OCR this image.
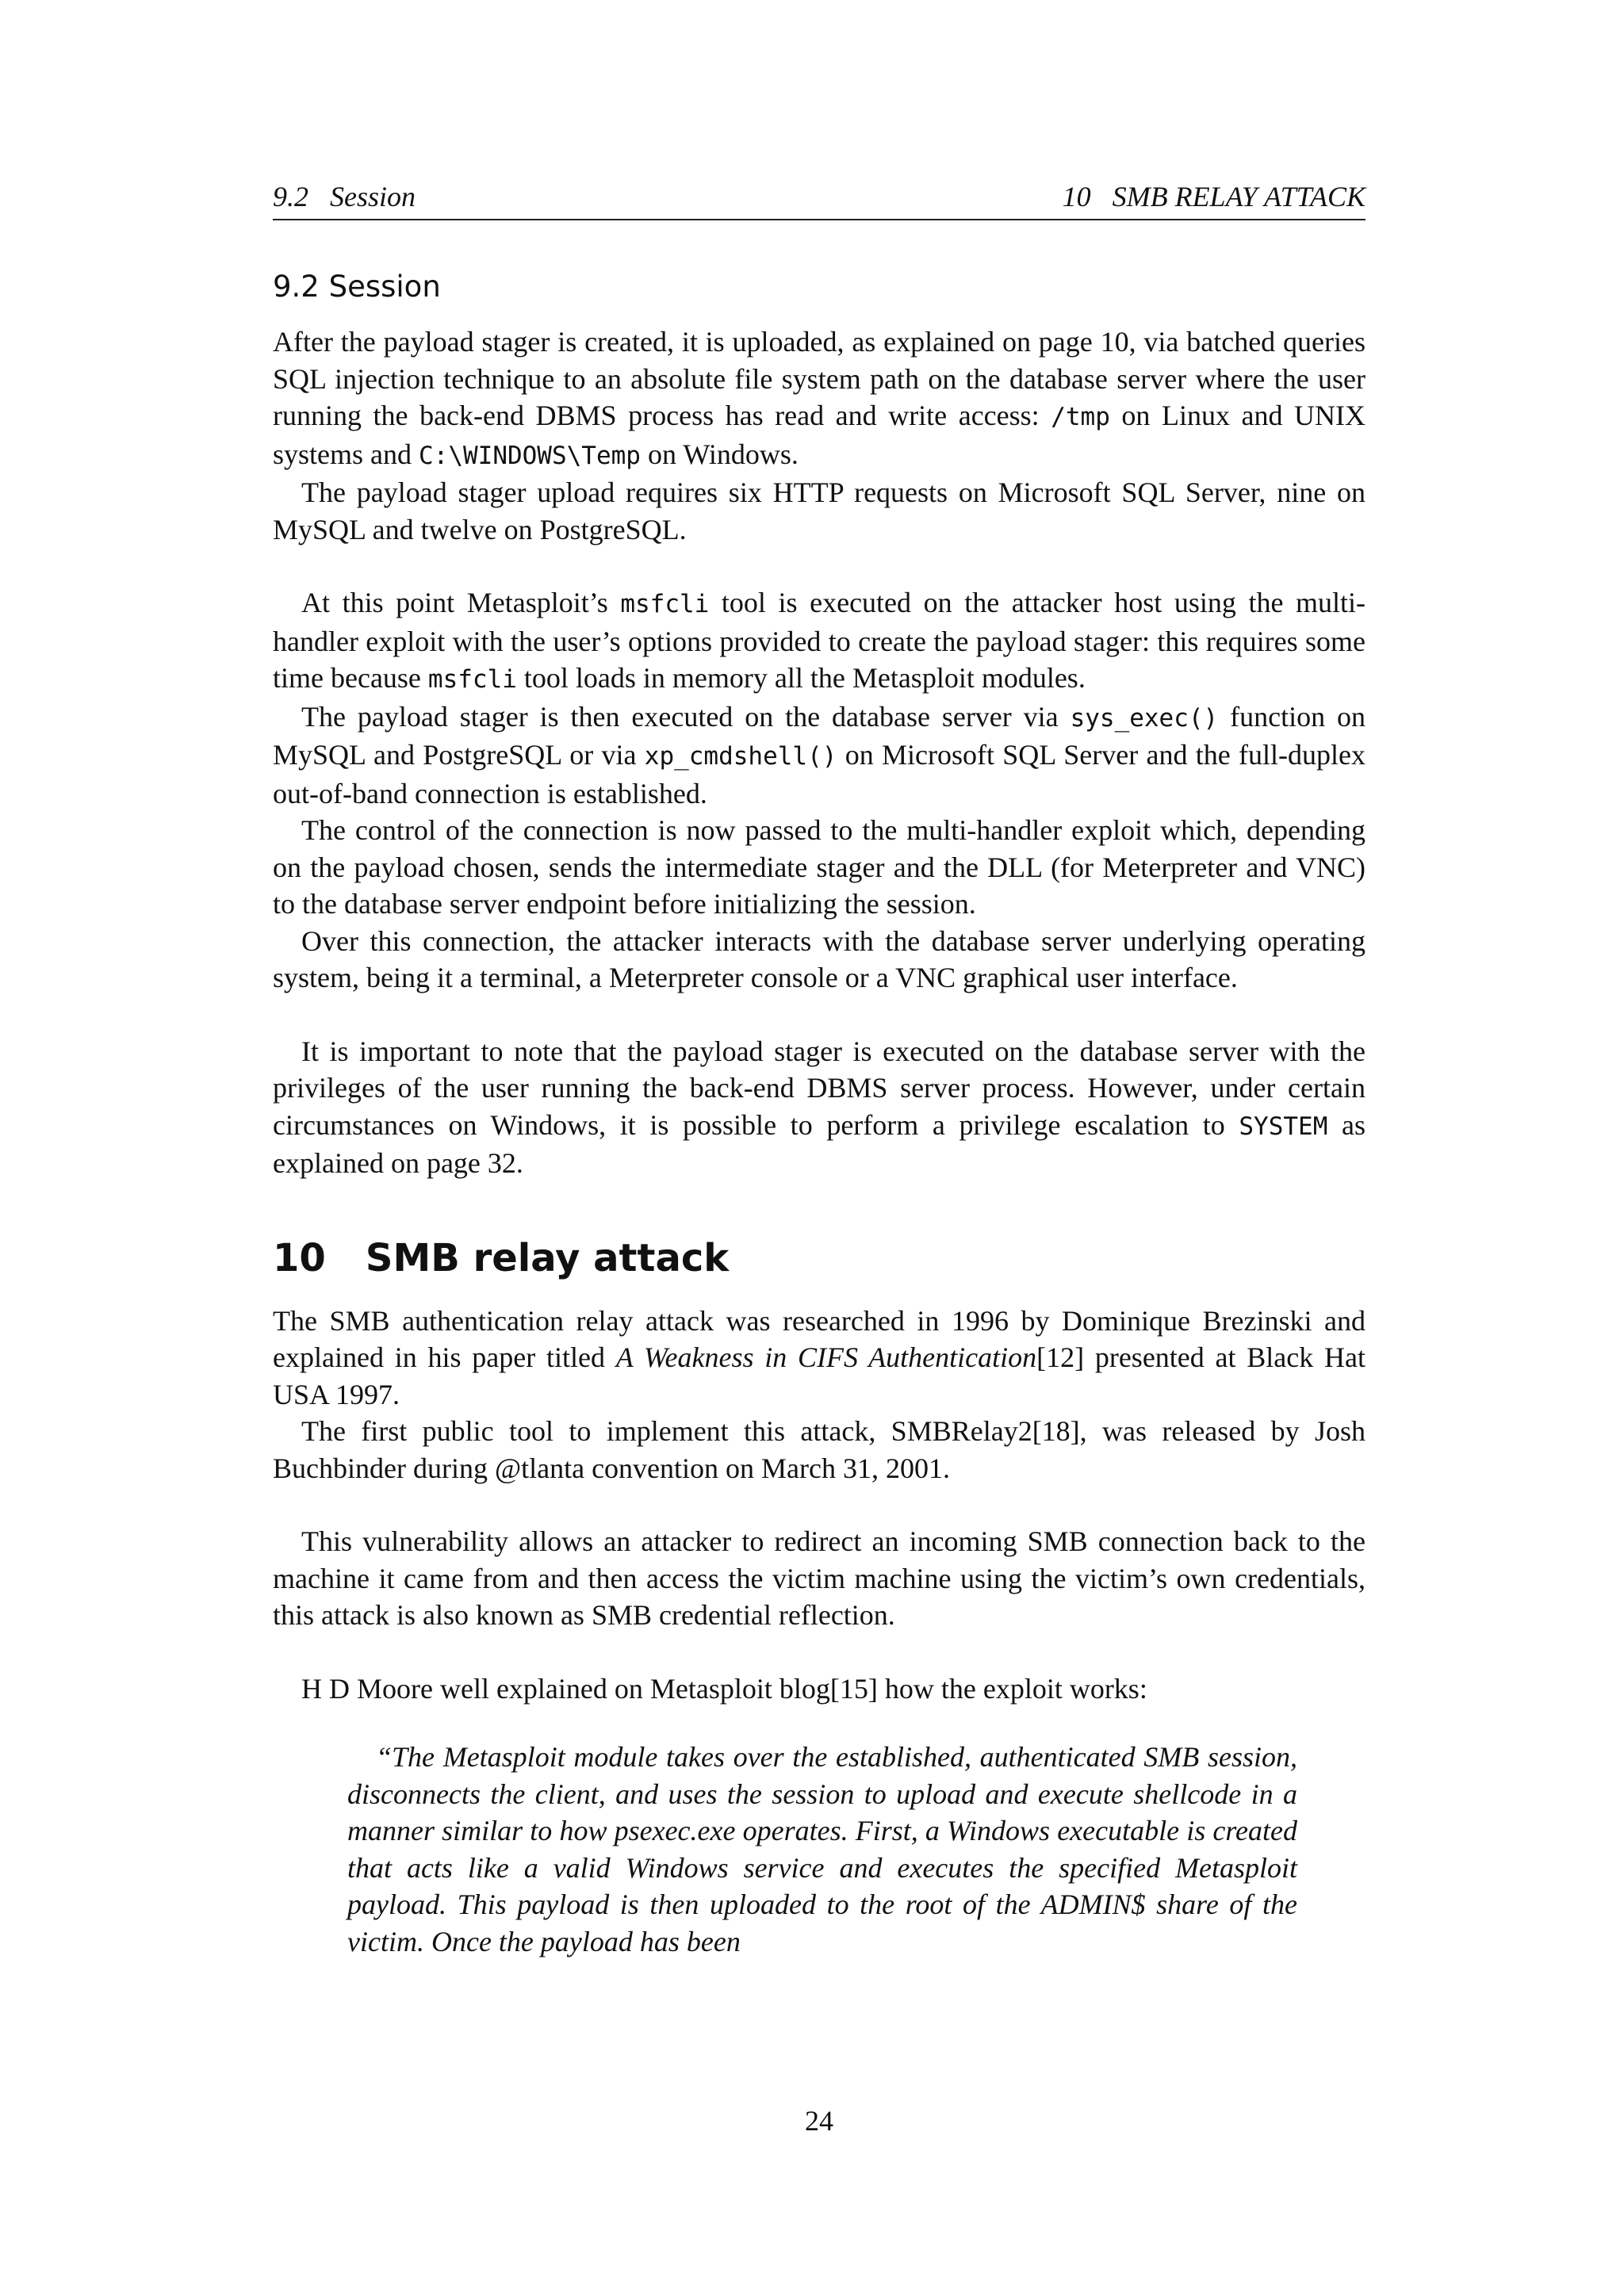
9.2   Session	10   SMB RELAY ATTACK
9.2 Session

After the payload stager is created, it is uploaded, as explained on page 10, via batched queries SQL injection technique to an absolute file system path on the database server where the user running the back-end DBMS process has read and write access: /tmp on Linux and UNIX systems and C:\WINDOWS\Temp on Windows.

The payload stager upload requires six HTTP requests on Microsoft SQL Server, nine on MySQL and twelve on PostgreSQL.

At this point Metasploit’s msfcli tool is executed on the attacker host using the multi-handler exploit with the user’s options provided to create the payload stager: this requires some time because msfcli tool loads in memory all the Metasploit modules.

The payload stager is then executed on the database server via sys_exec() function on MySQL and PostgreSQL or via xp_cmdshell() on Microsoft SQL Server and the full-duplex out-of-band connection is established.

The control of the connection is now passed to the multi-handler exploit which, depending on the payload chosen, sends the intermediate stager and the DLL (for Meterpreter and VNC) to the database server endpoint before initializing the session.

Over this connection, the attacker interacts with the database server underlying operating system, being it a terminal, a Meterpreter console or a VNC graphical user interface.

It is important to note that the payload stager is executed on the database server with the privileges of the user running the back-end DBMS server process. However, under certain circumstances on Windows, it is possible to perform a privilege escalation to SYSTEM as explained on page 32.

10   SMB relay attack

The SMB authentication relay attack was researched in 1996 by Dominique Brezinski and explained in his paper titled A Weakness in CIFS Authentication[12] presented at Black Hat USA 1997.

The first public tool to implement this attack, SMBRelay2[18], was released by Josh Buchbinder during @tlanta convention on March 31, 2001.

This vulnerability allows an attacker to redirect an incoming SMB connection back to the machine it came from and then access the victim machine using the victim’s own credentials, this attack is also known as SMB credential reflection.

H D Moore well explained on Metasploit blog[15] how the exploit works:

“The Metasploit module takes over the established, authenticated SMB session, disconnects the client, and uses the session to upload and execute shellcode in a manner similar to how psexec.exe operates. First, a Windows executable is created that acts like a valid Windows service and executes the specified Metasploit payload. This payload is then uploaded to the root of the ADMIN$ share of the victim. Once the payload has been

24
